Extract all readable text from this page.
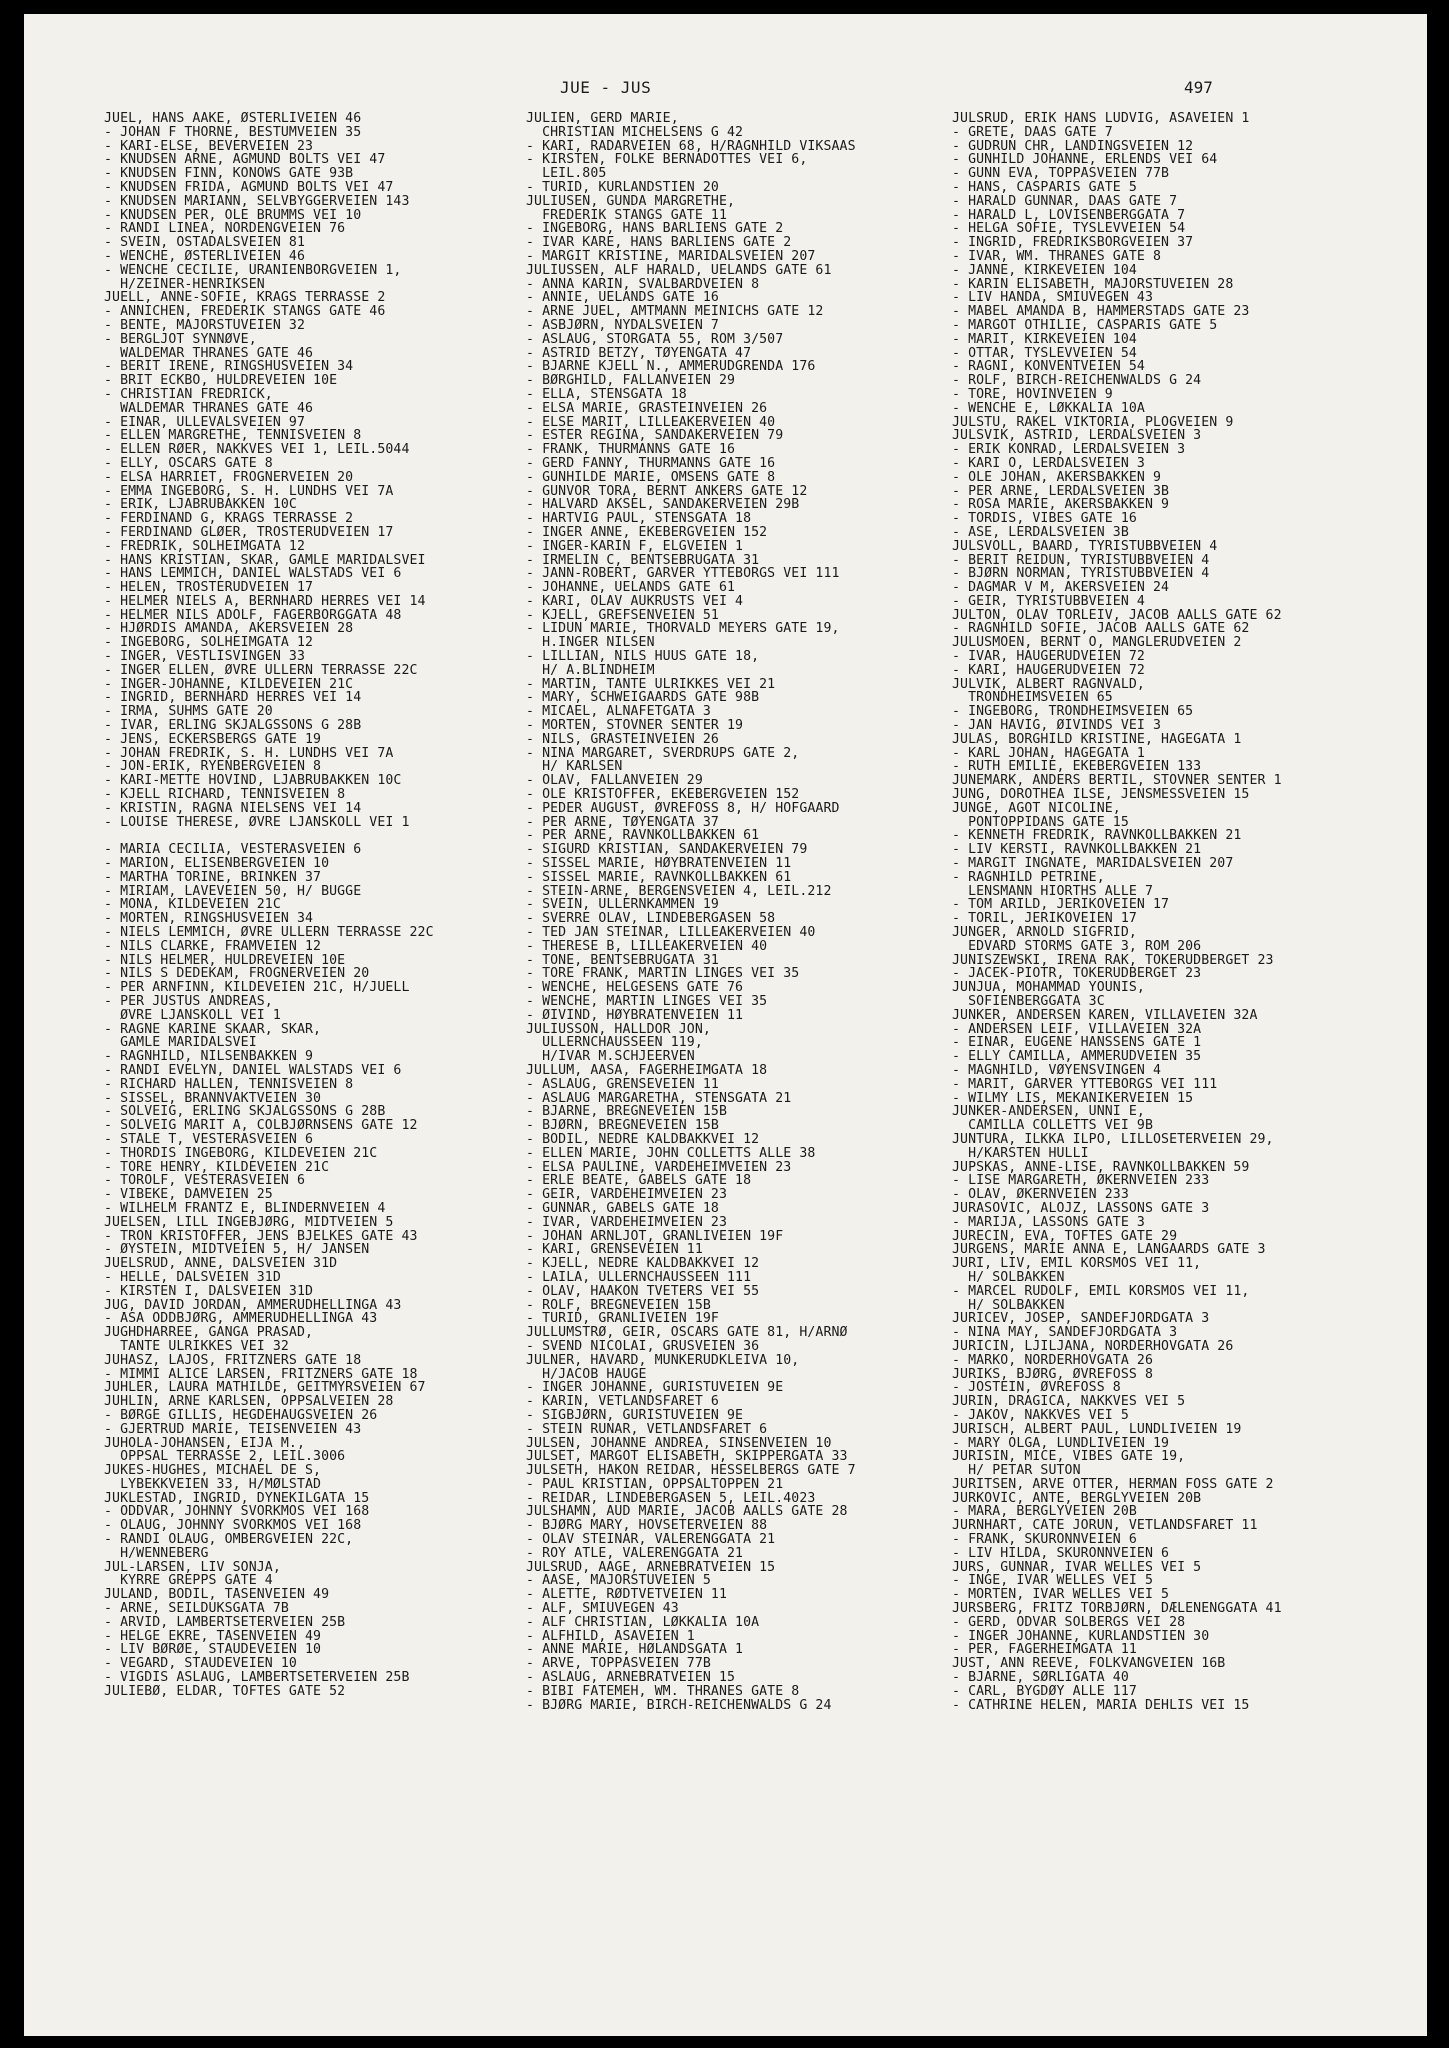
JUE - JUS	497
JUEL, HANS AAKE, ØSTERLIVEIEN 46
- JOHAN F THORNE, BESTUMVEIEN 35
- KARI-ELSE, BEVERVEIEN 23
- KNUDSEN ARNE, AGMUND BOLTS VEI 47
- KNUDSEN FINN, KONOWS GATE 93B
- KNUDSEN FRIDA, AGMUND BOLTS VEI 47
- KNUDSEN MARIANN, SELVBYGGERVEIEN 143
- KNUDSEN PER, OLE BRUMMS VEI 10
- RANDI LINEA, NORDENGVEIEN 76
- SVEIN, OSTADALSVEIEN 81
- WENCHE, ØSTERLIVEIEN 46
- WENCHE CECILIE, URANIENBORGVEIEN 1,
H/ZEINER-HENRIKSEN
JUELL, ANNE-SOFIE, KRAGS TERRASSE 2
- ANNICHEN, FREDERIK STANGS GATE 46
- BENTE, MAJORSTUVEIEN 32
- BERGLJOT SYNNØVE,
WALDEMAR THRANES GATE 46
- BERIT IRENE, RINGSHUSVEIEN 34
- BRIT ECKBO, HULDREVEIEN 10E
- CHRISTIAN FREDRICK,
WALDEMAR THRANES GATE 46
- EINAR, ULLEVÅLSVEIEN 97
- ELLEN MARGRETHE, TENNISVEIEN 8
- ELLEN RØER, NAKKVES VEI 1, LEIL.5044
- ELLY, OSCARS GATE 8
- ELSA HARRIET, FROGNERVEIEN 20
- EMMA INGEBORG, S. H. LUNDHS VEI 7A
- ERIK, LJABRUBAKKEN 10C
- FERDINAND G, KRAGS TERRASSE 2
- FERDINAND GLØER, TROSTERUDVEIEN 17
- FREDRIK, SOLHEIMGATA 12
- HANS KRISTIAN, SKAR, GAMLE MARIDALSVEI
- HANS LEMMICH, DANIEL WALSTADS VEI 6
- HELEN, TROSTERUDVEIEN 17
- HELMER NIELS A, BERNHARD HERRES VEI 14
- HELMER NILS ADOLF, FAGERBORGGATA 48
- HJØRDIS AMANDA, AKERSVEIEN 28
- INGEBORG, SOLHEIMGATA 12
- INGER, VESTLISVINGEN 33
- INGER ELLEN, ØVRE ULLERN TERRASSE 22C
- INGER-JOHANNE, KILDEVEIEN 21C
- INGRID, BERNHARD HERRES VEI 14
- IRMA, SUHMS GATE 20
- IVAR, ERLING SKJALGSSONS G 28B
- JENS, ECKERSBERGS GATE 19
- JOHAN FREDRIK, S. H. LUNDHS VEI 7A
- JON-ERIK, RYENBERGVEIEN 8
- KARI-METTE HOVIND, LJABRUBAKKEN 10C
- KJELL RICHARD, TENNISVEIEN 8
- KRISTIN, RAGNA NIELSENS VEI 14
- LOUISE THERESE, ØVRE LJANSKOLL VEI 1
- MARIA CECILIA, VESTERÅSVEIEN 6
- MARION, ELISENBERGVEIEN 10
- MARTHA TORINE, BRINKEN 37
- MIRIAM, LAVEVEIEN 50, H/ BUGGE
- MONA, KILDEVEIEN 21C
- MORTEN, RINGSHUSVEIEN 34
- NIELS LEMMICH, ØVRE ULLERN TERRASSE 22C
- NILS CLARKE, FRAMVEIEN 12
- NILS HELMER, HULDREVEIEN 10E
- NILS S DEDEKAM, FROGNERVEIEN 20
- PER ARNFINN, KILDEVEIEN 21C, H/JUELL
- PER JUSTUS ANDREAS,
ØVRE LJANSKOLL VEI 1
- RAGNE KARINE SKAAR, SKAR,
GAMLE MARIDALSVEI
- RAGNHILD, NILSENBAKKEN 9
- RANDI EVELYN, DANIEL WALSTADS VEI 6
- RICHARD HALLEN, TENNISVEIEN 8
- SISSEL, BRANNVAKTVEIEN 30
- SOLVEIG, ERLING SKJALGSSONS G 28B
- SOLVEIG MARIT A, COLBJØRNSENS GATE 12
- STÅLE T, VESTERÅSVEIEN 6
- THORDIS INGEBORG, KILDEVEIEN 21C
- TORE HENRY, KILDEVEIEN 21C
- TOROLF, VESTERÅSVEIEN 6
- VIBEKE, DAMVEIEN 25
- WILHELM FRANTZ E, BLINDERNVEIEN 4
JUELSEN, LILL INGEBJØRG, MIDTVEIEN 5
- TRON KRISTOFFER, JENS BJELKES GATE 43
- ØYSTEIN, MIDTVEIEN 5, H/ JANSEN
JUELSRUD, ANNE, DALSVEIEN 31D
- HELLE, DALSVEIEN 31D
- KIRSTEN I, DALSVEIEN 31D
JUG, DAVID JORDAN, AMMERUDHELLINGA 43
- ÅSA ODDBJØRG, AMMERUDHELLINGA 43
JUGHDHARREE, GANGA PRASAD,
TANTE ULRIKKES VEI 32
JUHASZ, LAJOS, FRITZNERS GATE 18
- MIMMI ALICE LARSEN, FRITZNERS GATE 18
JUHLER, LAURA MATHILDE, GEITMYRSVEIEN 67
JUHLIN, ARNE KARLSEN, OPPSALVEIEN 28
- BØRGE GILLIS, HEGDEHAUGSVEIEN 26
- GJERTRUD MARIE, TEISENVEIEN 43
JUHOLA-JOHANSEN, EIJA M.,
OPPSAL TERRASSE 2, LEIL.3006
JUKES-HUGHES, MICHAEL DE S,
LYBEKKVEIEN 33, H/MØLSTAD
JUKLESTAD, INGRID, DYNEKILGATA 15
- ODDVAR, JOHNNY SVORKMOS VEI 168
- OLAUG, JOHNNY SVORKMOS VEI 168
- RANDI OLAUG, OMBERGVEIEN 22C,
H/WENNEBERG
JUL-LARSEN, LIV SONJA,
KYRRE GREPPS GATE 4
JULAND, BODIL, TÅSENVEIEN 49
- ARNE, SEILDUKSGATA 7B
- ARVID, LAMBERTSETERVEIEN 25B
- HELGE EKRE, TÅSENVEIEN 49
- LIV BØRØE, STAUDEVEIEN 10
- VEGARD, STAUDEVEIEN 10
- VIGDIS ASLAUG, LAMBERTSETERVEIEN 25B
JULIEBØ, ELDAR, TOFTES GATE 52
JULIEN, GERD MARIE,
CHRISTIAN MICHELSENS G 42
- KARI, RADARVEIEN 68, H/RAGNHILD VIKSAAS
- KIRSTEN, FOLKE BERNADOTTES VEI 6,
LEIL.805
- TURID, KURLANDSTIEN 20
JULIUSEN, GUNDA MARGRETHE,
FREDERIK STANGS GATE 11
- INGEBORG, HANS BARLIENS GATE 2
- IVAR KÅRE, HANS BARLIENS GATE 2
- MARGIT KRISTINE, MARIDALSVEIEN 207
JULIUSSEN, ALF HARALD, UELANDS GATE 61
- ANNA KARIN, SVALBARDVEIEN 8
- ANNIE, UELANDS GATE 16
- ARNE JUEL, AMTMANN MEINICHS GATE 12
- ASBJØRN, NYDALSVEIEN 7
- ASLAUG, STORGATA 55, ROM 3/507
- ASTRID BETZY, TØYENGATA 47
- BJARNE KJELL N., AMMERUDGRENDA 176
- BØRGHILD, FALLANVEIEN 29
- ELLA, STENSGATA 18
- ELSA MARIE, GRÅSTEINVEIEN 26
- ELSE MARIT, LILLEAKERVEIEN 40
- ESTER REGINA, SANDAKERVEIEN 79
- FRANK, THURMANNS GATE 16
- GERD FANNY, THURMANNS GATE 16
- GUNHILDE MARIE, OMSENS GATE 8
- GUNVOR TORA, BERNT ANKERS GATE 12
- HALVARD AKSEL, SANDAKERVEIEN 29B
- HARTVIG PAUL, STENSGATA 18
- INGER ANNE, EKEBERGVEIEN 152
- INGER-KARIN F, ELGVEIEN 1
- IRMELIN C, BENTSEBRUGATA 31
- JANN-ROBERT, GARVER YTTEBORGS VEI 111
- JOHANNE, UELANDS GATE 61
- KARI, OLAV AUKRUSTS VEI 4
- KJELL, GREFSENVEIEN 51
- LIDUN MARIE, THORVALD MEYERS GATE 19,
H.INGER NILSEN
- LILLIAN, NILS HUUS GATE 18,
H/ A.BLINDHEIM
- MARTIN, TANTE ULRIKKES VEI 21
- MARY, SCHWEIGAARDS GATE 98B
- MICAEL, ALNAFETGATA 3
- MORTEN, STOVNER SENTER 19
- NILS, GRÅSTEINVEIEN 26
- NINA MARGARET, SVERDRUPS GATE 2,
H/ KARLSEN
- OLAV, FALLANVEIEN 29
- OLE KRISTOFFER, EKEBERGVEIEN 152
- PEDER AUGUST, ØVREFOSS 8, H/ HOFGAARD
- PER ARNE, TØYENGATA 37
- PER ARNE, RAVNKOLLBAKKEN 61
- SIGURD KRISTIAN, SANDAKERVEIEN 79
- SISSEL MARIE, HØYBRÅTENVEIEN 11
- SISSEL MARIE, RAVNKOLLBAKKEN 61
- STEIN-ARNE, BERGENSVEIEN 4, LEIL.212
- SVEIN, ULLERNKAMMEN 19
- SVERRE OLAV, LINDEBERGÅSEN 58
- TED JAN STEINAR, LILLEAKERVEIEN 40
- THERESE B, LILLEAKERVEIEN 40
- TONE, BENTSEBRUGATA 31
- TORE FRANK, MARTIN LINGES VEI 35
- WENCHE, HELGESENS GATE 76
- WENCHE, MARTIN LINGES VEI 35
- ØIVIND, HØYBRÅTENVEIEN 11
JULIUSSON, HALLDOR JON,
ULLERNCHAUSSEEN 119,
H/IVAR M.SCHJEERVEN
JULLUM, AASA, FAGERHEIMGATA 18
- ASLAUG, GRENSEVEIEN 11
- ASLAUG MARGARETHA, STENSGATA 21
- BJARNE, BREGNEVEIEN 15B
- BJØRN, BREGNEVEIEN 15B
- BODIL, NEDRE KALDBAKKVEI 12
- ELLEN MARIE, JOHN COLLETTS ALLE 38
- ELSA PAULINE, VARDEHEIMVEIEN 23
- ERLE BEATE, GABELS GATE 18
- GEIR, VARDEHEIMVEIEN 23
- GUNNAR, GABELS GATE 18
- IVAR, VARDEHEIMVEIEN 23
- JOHAN ARNLJOT, GRANLIVEIEN 19F
- KARI, GRENSEVEIEN 11
- KJELL, NEDRE KALDBAKKVEI 12
- LAILA, ULLERNCHAUSSEEN 111
- OLAV, HAAKON TVETERS VEI 55
- ROLF, BREGNEVEIEN 15B
- TURID, GRANLIVEIEN 19F
JULLUMSTRØ, GEIR, OSCARS GATE 81, H/ARNØ
- SVEND NICOLAI, GRUSVEIEN 36
JULNER, HÅVARD, MUNKERUDKLEIVA 10,
H/JACOB HAUGE
- INGER JOHANNE, GURISTUVEIEN 9E
- KARIN, VETLANDSFARET 6
- SIGBJØRN, GURISTUVEIEN 9E
- STEIN RUNAR, VETLANDSFARET 6
JULSEN, JOHANNE ANDREA, SINSENVEIEN 10
JULSET, MARGOT ELISABETH, SKIPPERGATA 33
JULSETH, HÅKON REIDAR, HESSELBERGS GATE 7
- PAUL KRISTIAN, OPPSALTOPPEN 21
- REIDAR, LINDEBERGÅSEN 5, LEIL.4023
JULSHAMN, AUD MARIE, JACOB AALLS GATE 28
- BJØRG MARY, HOVSETERVEIEN 88
- OLAV STEINAR, VÅLERENGGATA 21
- ROY ATLE, VÅLERENGGATA 21
JULSRUD, AAGE, ARNEBRÅTVEIEN 15
- AASE, MAJORSTUVEIEN 5
- ALETTE, RØDTVETVEIEN 11
- ALF, SMIUVEGEN 43
- ALF CHRISTIAN, LØKKALIA 10A
- ALFHILD, ÅSAVEIEN 1
- ANNE MARIE, HØLANDSGATA 1
- ARVE, TOPPÅSVEIEN 77B
- ASLAUG, ARNEBRÅTVEIEN 15
- BIBI FATEMEH, WM. THRANES GATE 8
- BJØRG MARIE, BIRCH-REICHENWALDS G 24
JULSRUD, ERIK HANS LUDVIG, ÅSAVEIEN 1
- GRETE, DAAS GATE 7
- GUDRUN CHR, LANDINGSVEIEN 12
- GUNHILD JOHANNE, ERLENDS VEI 64
- GUNN EVA, TOPPÅSVEIEN 77B
- HANS, CASPARIS GATE 5
- HARALD GUNNAR, DAAS GATE 7
- HARALD L, LOVISENBERGGATA 7
- HELGA SOFIE, TYSLEVVEIEN 54
- INGRID, FREDRIKSBORGVEIEN 37
- IVAR, WM. THRANES GATE 8
- JANNE, KIRKEVEIEN 104
- KARIN ELISABETH, MAJORSTUVEIEN 28
- LIV HANDA, SMIUVEGEN 43
- MABEL AMANDA B, HAMMERSTADS GATE 23
- MARGOT OTHILIE, CASPARIS GATE 5
- MARIT, KIRKEVEIEN 104
- OTTAR, TYSLEVVEIEN 54
- RAGNI, KONVENTVEIEN 54
- ROLF, BIRCH-REICHENWALDS G 24
- TORE, HOVINVEIEN 9
- WENCHE E, LØKKALIA 10A
JULSTU, RAKEL VIKTORIA, PLOGVEIEN 9
JULSVIK, ASTRID, LERDALSVEIEN 3
- ERIK KONRAD, LERDALSVEIEN 3
- KARI O, LERDALSVEIEN 3
- OLE JOHAN, AKERSBAKKEN 9
- PER ARNE, LERDALSVEIEN 3B
- ROSA MARIE, AKERSBAKKEN 9
- TORDIS, VIBES GATE 16
- ÅSE, LERDALSVEIEN 3B
JULSVOLL, BAARD, TYRISTUBBVEIEN 4
- BERIT REIDUN, TYRISTUBBVEIEN 4
- BJØRN NORMAN, TYRISTUBBVEIEN 4
- DAGMAR V M, AKERSVEIEN 24
- GEIR, TYRISTUBBVEIEN 4
JULTON, OLAV TORLEIV, JACOB AALLS GATE 62
- RAGNHILD SOFIE, JACOB AALLS GATE 62
JULUSMOEN, BERNT O, MANGLERUDVEIEN 2
- IVAR, HAUGERUDVEIEN 72
- KARI, HAUGERUDVEIEN 72
JULVIK, ALBERT RAGNVALD,
TRONDHEIMSVEIEN 65
- INGEBORG, TRONDHEIMSVEIEN 65
- JAN HÅVIG, ØIVINDS VEI 3
JULÅS, BORGHILD KRISTINE, HAGEGATA 1
- KARL JOHAN, HAGEGATA 1
- RUTH EMILIE, EKEBERGVEIEN 133
JUNEMARK, ANDERS BERTIL, STOVNER SENTER 1
JUNG, DOROTHEA ILSE, JENSMESSVEIEN 15
JUNGE, AGOT NICOLINE,
PONTOPPIDANS GATE 15
- KENNETH FREDRIK, RAVNKOLLBAKKEN 21
- LIV KERSTI, RAVNKOLLBAKKEN 21
- MARGIT INGNATE, MARIDALSVEIEN 207
- RAGNHILD PETRINE,
LENSMANN HIORTHS ALLE 7
- TOM ARILD, JERIKOVEIEN 17
- TORIL, JERIKOVEIEN 17
JUNGER, ARNOLD SIGFRID,
EDVARD STORMS GATE 3, ROM 206
JUNISZEWSKI, IRENA RAK, TOKERUDBERGET 23
- JACEK-PIOTR, TOKERUDBERGET 23
JUNJUA, MOHAMMAD YOUNIS,
SOFIENBERGGATA 3C
JUNKER, ANDERSEN KAREN, VILLAVEIEN 32A
- ANDERSEN LEIF, VILLAVEIEN 32A
- EINAR, EUGENE HANSSENS GATE 1
- ELLY CAMILLA, AMMERUDVEIEN 35
- MAGNHILD, VØYENSVINGEN 4
- MARIT, GARVER YTTEBORGS VEI 111
- WILMY LIS, MEKANIKERVEIEN 15
JUNKER-ANDERSEN, UNNI E,
CAMILLA COLLETTS VEI 9B
JUNTURA, ILKKA ILPO, LILLOSETERVEIEN 29,
H/KARSTEN HULLI
JUPSKÅS, ANNE-LISE, RAVNKOLLBAKKEN 59
- LISE MARGARETH, ØKERNVEIEN 233
- OLAV, ØKERNVEIEN 233
JURASOVIC, ALOJZ, LASSONS GATE 3
- MARIJA, LASSONS GATE 3
JURECIN, EVA, TOFTES GATE 29
JURGENS, MARIE ANNA E, LANGAARDS GATE 3
JURI, LIV, EMIL KORSMOS VEI 11,
H/ SOLBAKKEN
- MARCEL RUDOLF, EMIL KORSMOS VEI 11,
H/ SOLBAKKEN
JURICEV, JOSEP, SANDEFJORDGATA 3
- NINA MAY, SANDEFJORDGATA 3
JURICIN, LJILJANA, NORDERHOVGATA 26
- MARKO, NORDERHOVGATA 26
JURIKS, BJØRG, ØVREFOSS 8
- JOSTEIN, ØVREFOSS 8
JURIN, DRAGICA, NAKKVES VEI 5
- JAKOV, NAKKVES VEI 5
JURISCH, ALBERT PAUL, LUNDLIVEIEN 19
- MARY OLGA, LUNDLIVEIEN 19
JURISIN, MICE, VIBES GATE 19,
H/ PETAR SUTON
JURITSEN, ARVE OTTER, HERMAN FOSS GATE 2
JURKOVIC, ANTE, BERGLYVEIEN 20B
- MARA, BERGLYVEIEN 20B
JURNHART, CATE JORUN, VETLANDSFARET 11
- FRANK, SKURONNVEIEN 6
- LIV HILDA, SKURONNVEIEN 6
JURS, GUNNAR, IVAR WELLES VEI 5
- INGE, IVAR WELLES VEI 5
- MORTEN, IVAR WELLES VEI 5
JURSBERG, FRITZ TORBJØRN, DÆLENENGGATA 41
- GERD, ODVAR SOLBERGS VEI 28
- INGER JOHANNE, KURLANDSTIEN 30
- PER, FAGERHEIMGATA 11
JUST, ANN REEVE, FOLKVANGVEIEN 16B
- BJARNE, SØRLIGATA 40
- CARL, BYGDØY ALLE 117
- CATHRINE HELEN, MARIA DEHLIS VEI 15
